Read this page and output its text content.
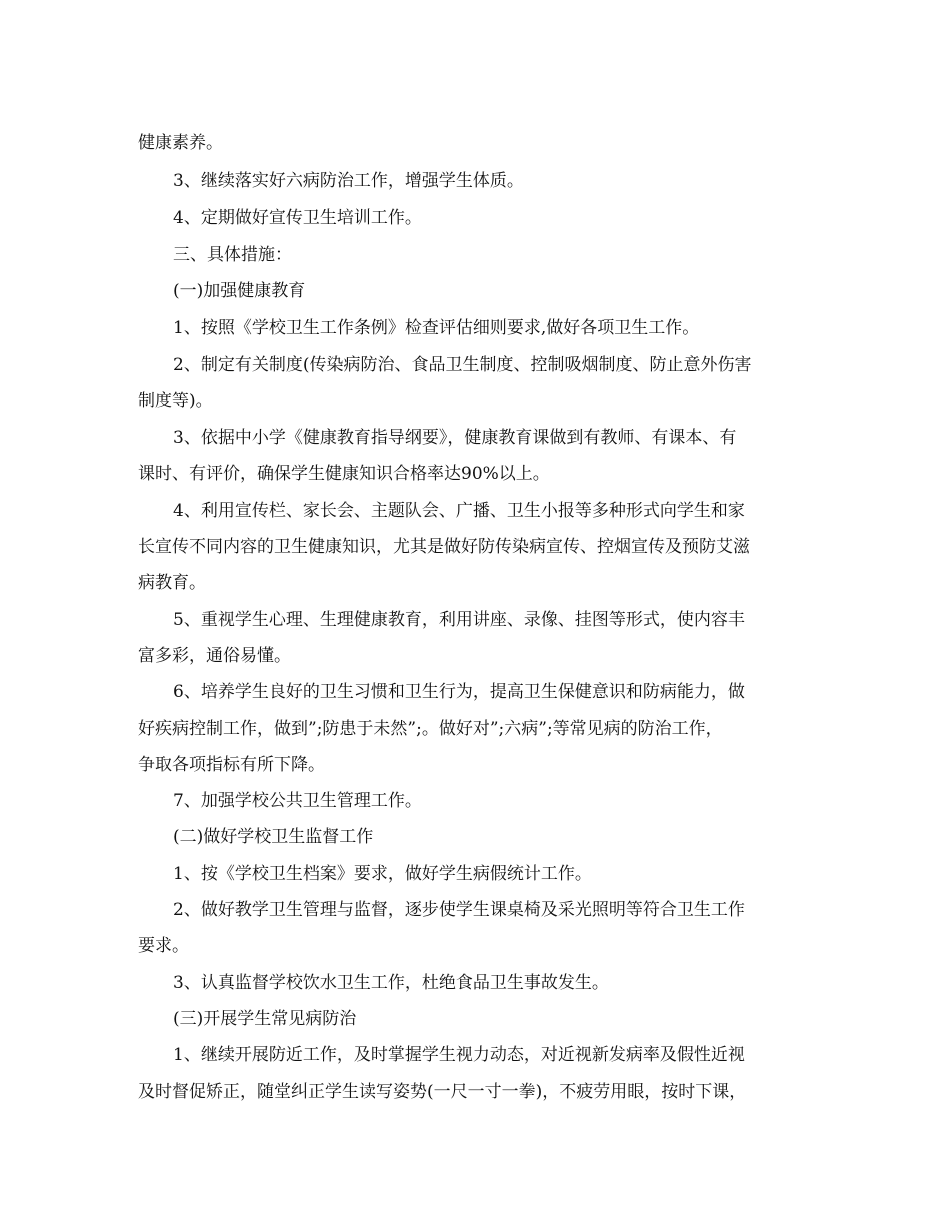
健康素养。
3、继续落实好六病防治工作，增强学生体质。
4、定期做好宣传卫生培训工作。
三、具体措施：
(一)加强健康教育
1、按照《学校卫生工作条例》检查评估细则要求,做好各项卫生工作。
2、制定有关制度(传染病防治、食品卫生制度、控制吸烟制度、防止意外伤害
制度等)。
3、依据中小学《健康教育指导纲要》，健康教育课做到有教师、有课本、有
课时、有评价，确保学生健康知识合格率达90%以上。
4、利用宣传栏、家长会、主题队会、广播、卫生小报等多种形式向学生和家
长宣传不同内容的卫生健康知识，尤其是做好防传染病宣传、控烟宣传及预防艾滋
病教育。
5、重视学生心理、生理健康教育，利用讲座、录像、挂图等形式，使内容丰
富多彩，通俗易懂。
6、培养学生良好的卫生习惯和卫生行为，提高卫生保健意识和防病能力，做
好疾病控制工作，做到”;防患于未然”;。做好对”;六病”;等常见病的防治工作，
争取各项指标有所下降。
7、加强学校公共卫生管理工作。
(二)做好学校卫生监督工作
1、按《学校卫生档案》要求，做好学生病假统计工作。
2、做好教学卫生管理与监督，逐步使学生课桌椅及采光照明等符合卫生工作
要求。
3、认真监督学校饮水卫生工作，杜绝食品卫生事故发生。
(三)开展学生常见病防治
1、继续开展防近工作，及时掌握学生视力动态，对近视新发病率及假性近视
及时督促矫正，随堂纠正学生读写姿势(一尺一寸一拳)，不疲劳用眼，按时下课，
